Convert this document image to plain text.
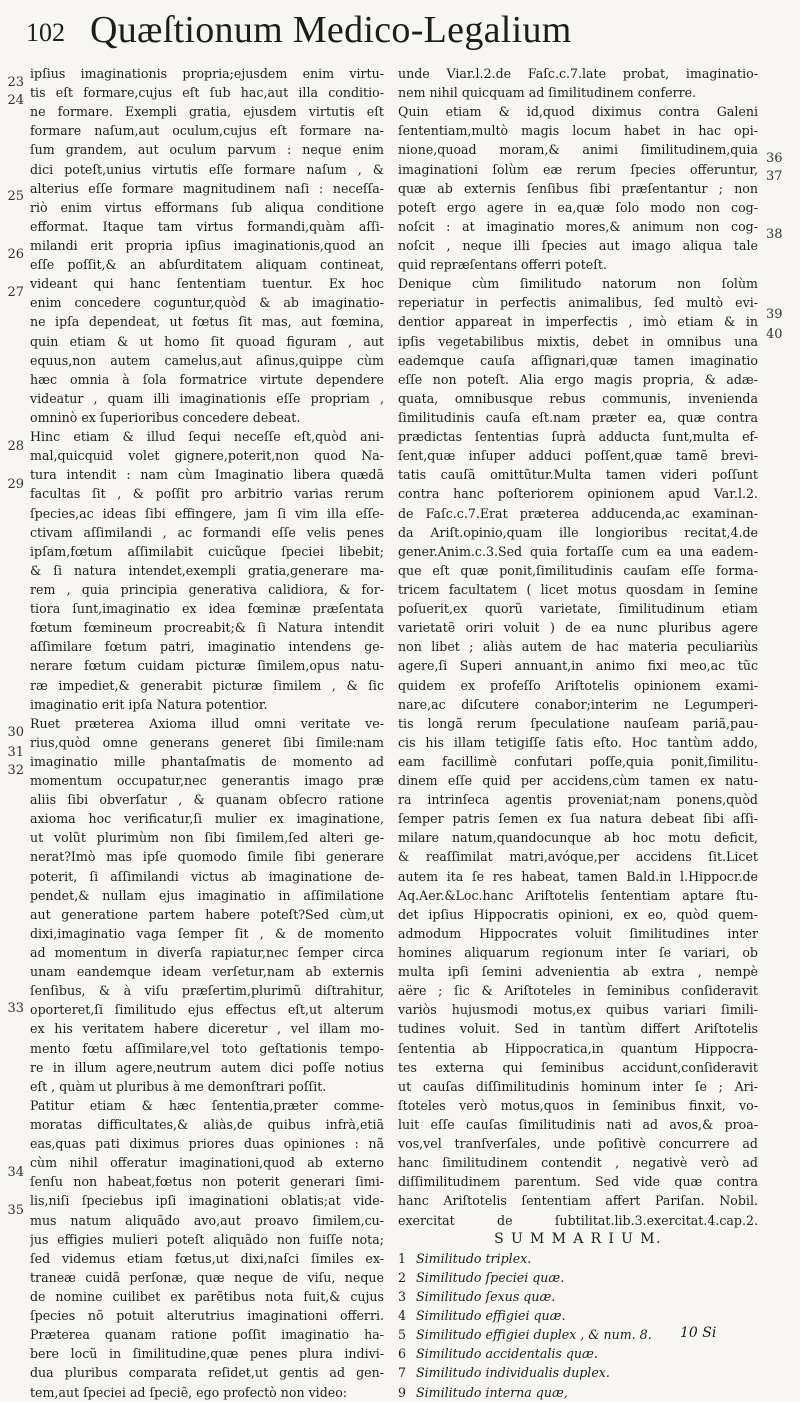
102 Quæſtionum Medico-Legalium
23
24
25
26
27
28
29
30
31
32
33
34
35
ipſius imaginationis propria;ejusdem enim virtu-
tis eſt formare,cujus eſt ſub hac,aut illa conditio-
ne formare. Exempli gratia, ejusdem virtutis eſt
formare naſum,aut oculum,cujus eſt formare na-
ſum grandem, aut oculum parvum : neque enim
dici poteſt,unius virtutis eſſe formare naſum , &
alterius eſſe formare magnitudinem naſi : neceſſa-
riò enim virtus efformans ſub aliqua conditione
efformat. Itaque tam virtus formandi,quàm aſſi-
milandi erit propria ipſius imaginationis,quod an
eſſe poſſit,& an abſurditatem aliquam contineat,
videant qui hanc ſententiam tuentur. Ex hoc
enim concedere coguntur,quòd & ab imaginatio-
ne ipſa dependeat, ut fœtus ſit mas, aut fœmina,
quin etiam & ut homo ſit quoad figuram , aut
equus,non autem camelus,aut aſinus,quippe cùm
hæc omnia à ſola formatrice virtute dependere
videatur , quam illi imaginationis eſſe propriam ,
omninò ex ſuperioribus concedere debeat.
Hinc etiam & illud ſequi neceſſe eſt,quòd ani-
mal,quicquid volet gignere,poterit,non quod Na-
tura intendit : nam cùm Imaginatio libera quædã
facultas ſit , & poſſit pro arbitrio varias rerum
ſpecies,ac ideas ſibi effingere, jam ſi vim illa eſſe-
ctivam aſſimilandi , ac formandi eſſe velis penes
ipſam,fœtum aſſimilabit cuicũque ſpeciei libebit;
& ſi natura intendet,exempli gratia,generare ma-
rem , quia principia generativa calidiora, & for-
tiora ſunt,imaginatio ex idea fœminæ præſentata
fœtum fœmineum procreabit;& ſi Natura intendit
aſſimilare fœtum patri, imaginatio intendens ge-
nerare fœtum cuidam picturæ ſimilem,opus natu-
ræ impediet,& generabit picturæ ſimilem , & ſic
imaginatio erit ipſa Natura potentior.
Ruet præterea Axioma illud omni veritate ve-
rius,quòd omne generans generet ſibi ſimile:nam
imaginatio mille phantaſmatis de momento ad
momentum occupatur,nec generantis imago præ
aliis ſibi obverſatur , & quanam obſecro ratione
axioma hoc verificatur,ſi mulier ex imaginatione,
ut volũt plurimùm non ſibi ſimilem,ſed alteri ge-
nerat?Imò mas ipſe quomodo ſimile ſibi generare
poterit, ſi aſſimilandi victus ab imaginatione de-
pendet,& nullam ejus imaginatio in aſſimilatione
aut generatione partem habere poteſt?Sed cùm,ut
dixi,imaginatio vaga ſemper ſit , & de momento
ad momentum in diverſa rapiatur,nec ſemper circa
unam eandemque ideam verſetur,nam ab externis
ſenſibus, & à viſu præſertim,plurimũ diſtrahitur,
oporteret,ſi ſimilitudo ejus effectus eſt,ut alterum
ex his veritatem habere diceretur , vel illam mo-
mento fœtu aſſimilare,vel toto geſtationis tempo-
re in illum agere,neutrum autem dici poſſe notius
eſt , quàm ut pluribus à me demonſtrari poſſit.
Patitur etiam & hæc ſententia,præter comme-
moratas difficultates,& aliàs,de quibus infrà,etiã
eas,quas pati diximus priores duas opiniones : nã
cùm nihil offeratur imaginationi,quod ab externo
ſenſu non habeat,fœtus non poterit generari ſimi-
lis,niſi ſpeciebus ipſi imaginationi oblatis;at vide-
mus natum aliquãdo avo,aut proavo ſimilem,cu-
jus effigies mulieri poteſt aliquãdo non fuiſſe nota;
ſed videmus etiam fœtus,ut dixi,naſci ſimiles ex-
traneæ cuidã perſonæ, quæ neque de viſu, neque
de nomine cuilibet ex parẽtibus nota fuit,& cujus
ſpecies nõ potuit alterutrius imaginationi offerri.
Præterea quanam ratione poſſit imaginatio ha-
bere locũ in ſimilitudine,quæ penes plura indivi-
dua pluribus comparata reſidet,ut gentis ad gen-
tem,aut ſpeciei ad ſpeciẽ, ego profectò non video:
unde Viar.l.2.de Faſc.c.7.late probat, imaginatio-
nem nihil quicquam ad ſimilitudinem conferre.
Quin etiam & id,quod diximus contra Galeni
ſententiam,multò magis locum habet in hac opi-
nione,quoad moram,& animi ſimilitudinem,quia
imaginationi ſolùm eæ rerum ſpecies offeruntur,
quæ ab externis ſenſibus ſibi præſentantur ; non
poteſt ergo agere in ea,quæ ſolo modo non cog-
noſcit : at imaginatio mores,& animum non cog-
noſcit , neque illi ſpecies aut imago aliqua tale
quid repræſentans offerri poteſt.
Denique cùm ſimilitudo natorum non ſolùm
reperiatur in perfectis animalibus, ſed multò evi-
dentior appareat in imperfectis , imò etiam & in
ipſis vegetabilibus mixtis, debet in omnibus una
eademque cauſa aſſignari,quæ tamen imaginatio
eſſe non poteſt. Alia ergo magis propria, & adæ-
quata, omnibusque rebus communis, invenienda
ſimilitudinis cauſa eſt.nam præter ea, quæ contra
prædictas ſententias ſuprà adducta ſunt,multa ef-
ſent,quæ inſuper adduci poſſent,quæ tamẽ brevi-
tatis cauſã omittũtur.Multa tamen videri poſſunt
contra hanc poſteriorem opinionem apud Var.l.2.
de Faſc.c.7.Erat præterea adducenda,ac examinan-
da Ariſt.opinio,quam ille longioribus recitat,4.de
gener.Anim.c.3.Sed quia fortaſſe cum ea una eadem-
que eſt quæ ponit,ſimilitudinis cauſam eſſe forma-
tricem facultatem ( licet motus quosdam in ſemine
poſuerit,ex quorũ varietate, ſimilitudinum etiam
varietatẽ oriri voluit ) de ea nunc pluribus agere
non libet ; aliàs autem de hac materia peculiariùs
agere,ſi Superi annuant,in animo fixi meo,ac tũc
quidem ex profeſſo Ariſtotelis opinionem exami-
nare,ac diſcutere conabor;interim ne Legumperi-
tis longã rerum ſpeculatione nauſeam pariã,pau-
cis his illam tetigiſſe ſatis eſto. Hoc tantùm addo,
eam facillimè confutari poſſe,quia ponit,ſimilitu-
dinem eſſe quid per accidens,cùm tamen ex natu-
ra intrinſeca agentis proveniat;nam ponens,quòd
ſemper patris ſemen ex ſua natura debeat ſibi aſſi-
milare natum,quandocunque ab hoc motu deficit,
& reaſſimilat matri,avóque,per accidens ſit.Licet
autem ita ſe res habeat, tamen Bald.in l.Hippocr.de
Aq.Aer.&Loc.hanc Ariſtotelis ſententiam aptare ſtu-
det ipſius Hippocratis opinioni, ex eo, quòd quem-
admodum Hippocrates voluit ſimilitudines inter
homines aliquarum regionum inter ſe variari, ob
multa ipſi ſemini advenientia ab extra , nempè
aëre ; ſic & Ariſtoteles in ſeminibus conſideravit
variòs hujusmodi motus,ex quibus variari ſimili-
tudines voluit. Sed in tantùm differt Ariſtotelis
ſententia ab Hippocratica,in quantum Hippocra-
tes externa qui ſeminibus accidunt,conſideravit
ut cauſas diſſimilitudinis hominum inter ſe ; Ari-
ſtoteles verò motus,quos in ſeminibus finxit, vo-
luit eſſe cauſas ſimilitudinis nati ad avos,& proa-
vos,vel tranſverſales, unde poſitivè concurrere ad
hanc ſimilitudinem contendit , negativè verò ad
diſſimilitudinem parentum. Sed vide quæ contra
hanc Ariſtotelis ſententiam affert Pariſan. Nobil.
exercitat de ſubtilitat.lib.3.exercitat.4.cap.2.
S U M M A R I U M.
1 Similitudo triplex.
2 Similitudo ſpeciei quæ.
3 Similitudo ſexus quæ.
4 Similitudo effigiei quæ.
5 Similitudo effigiei duplex , & num. 8.
6 Similitudo accidentalis quæ.
7 Similitudo individualis duplex.
9 Similitudo interna quæ,
36
37
38
39
40
10 Si
